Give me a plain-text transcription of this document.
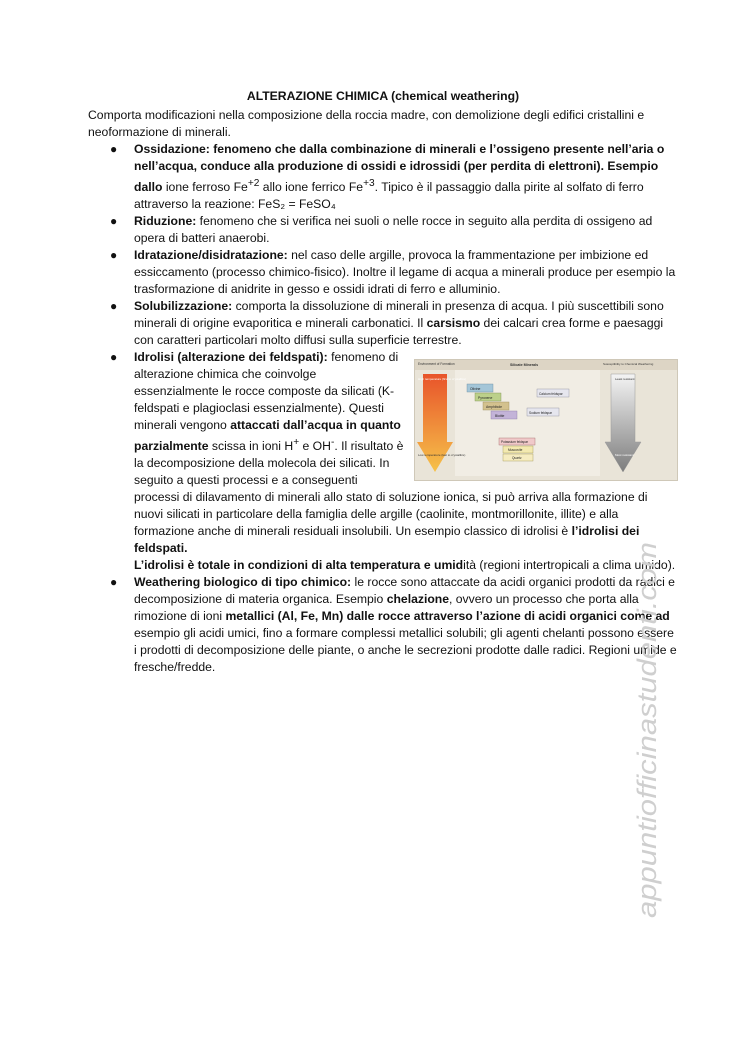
ALTERAZIONE CHIMICA (chemical weathering)

Comporta modificazioni nella composizione della roccia madre, con demolizione degli edifici cristallini e neoformazione di minerali.

● Ossidazione: fenomeno che dalla combinazione di minerali e l’ossigeno presente nell’aria o nell’acqua, conduce alla produzione di ossidi e idrossidi (per perdita di elettroni). Esempio dallo ione ferroso $Fe^{+2}$ allo ione ferrico $Fe^{+3}$. Tipico è il passaggio dalla pirite al solfato di ferro attraverso la reazione: FeS₂ = FeSO₄
● Riduzione: fenomeno che si verifica nei suoli o nelle rocce in seguito alla perdita di ossigeno ad opera di batteri anaerobi.
● Idratazione/disidratazione: nel caso delle argille, provoca la frammentazione per imbizione ed essiccamento (processo chimico-fisico). Inoltre il legame di acqua a minerali produce per esempio la trasformazione di anidrite in gesso e ossidi idrati di ferro e alluminio.
● Solubilizzazione: comporta la dissoluzione di minerali in presenza di acqua. I più suscettibili sono minerali di origine evaporitica e minerali carbonatici. Il carsismo dei calcari crea forme e paesaggi con caratteri particolari molto diffusi sulla superficie terrestre.
● Idrolisi (alterazione dei feldspati):	Environment of Formation	Silicate Minerals	Susceptibility to Chemical Weathering
High temperature (first to crystallize)
Low temperature (last to crystallize)
Least resistant
Most resistant
Olivine
Pyroxene
Amphibole
Biotite
Calcium feldspar
Sodium feldspar
Potassium feldspar
Muscovite
Quartz
fenomeno di alterazione chimica che coinvolge essenzialmente le rocce composte da silicati (K-feldspati e plagioclasi essenzialmente). Questi minerali vengono attaccati dall’acqua in quanto parzialmente scissa in ioni H+ e OH-. Il risultato è la decomposizione della molecola dei silicati. In seguito a questi processi e a conseguenti processi di dilavamento di minerali allo stato di soluzione ionica, si può arriva alla formazione di nuovi silicati in particolare della famiglia delle argille (caolinite, montmorillonite, illite) e alla formazione anche di minerali residuali insolubili. Un esempio classico di idrolisi è l’idrolisi dei feldspati.
L’idrolisi è totale in condizioni di alta temperatura e umidità (regioni intertropicali a clima umido).
● Weathering biologico di tipo chimico: le rocce sono attaccate da acidi organici prodotti da radici e decomposizione di materia organica. Esempio chelazione, ovvero un processo che porta alla rimozione di ioni metallici (Al, Fe, Mn) dalle rocce attraverso l’azione di acidi organici come ad esempio gli acidi umici, fino a formare complessi metallici solubili; gli agenti chelanti possono essere i prodotti di decomposizione delle piante, o anche le secrezioni prodotte dalle radici. Regioni umide e fresche/fredde.	appuntiofficinastudenti.com
